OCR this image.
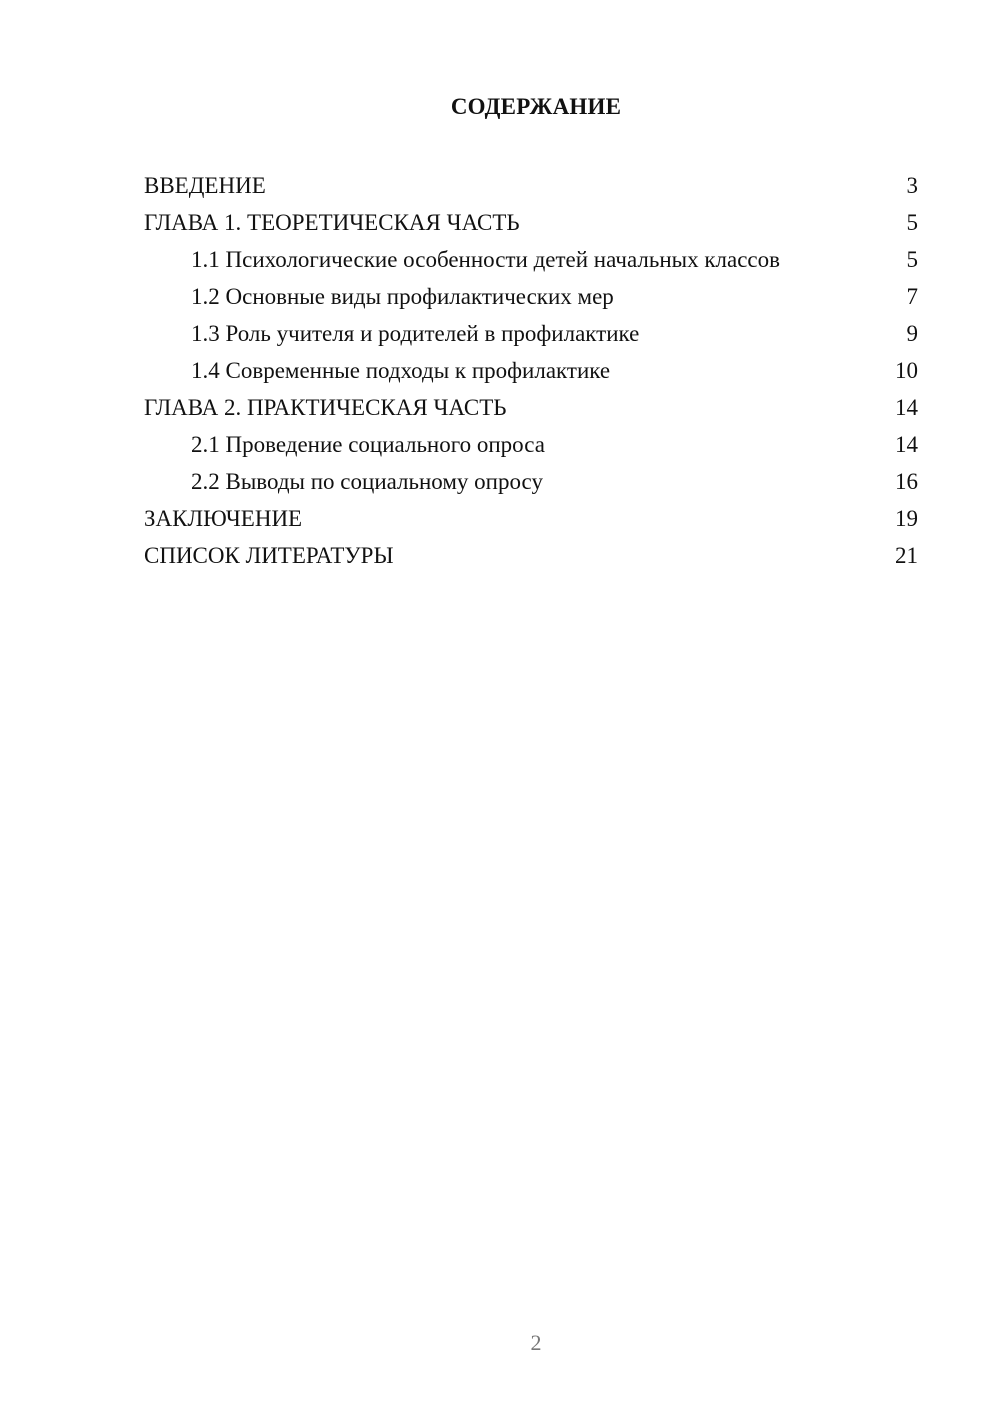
СОДЕРЖАНИЕ
ВВЕДЕНИЕ	3
ГЛАВА 1. ТЕОРЕТИЧЕСКАЯ ЧАСТЬ	5
1.1 Психологические особенности детей начальных классов	5
1.2 Основные виды профилактических мер	7
1.3 Роль учителя и родителей в профилактике	9
1.4 Современные подходы к профилактике	10
ГЛАВА 2. ПРАКТИЧЕСКАЯ ЧАСТЬ	14
2.1 Проведение социального опроса	14
2.2 Выводы по социальному опросу	16
ЗАКЛЮЧЕНИЕ	19
СПИСОК ЛИТЕРАТУРЫ	21
2
